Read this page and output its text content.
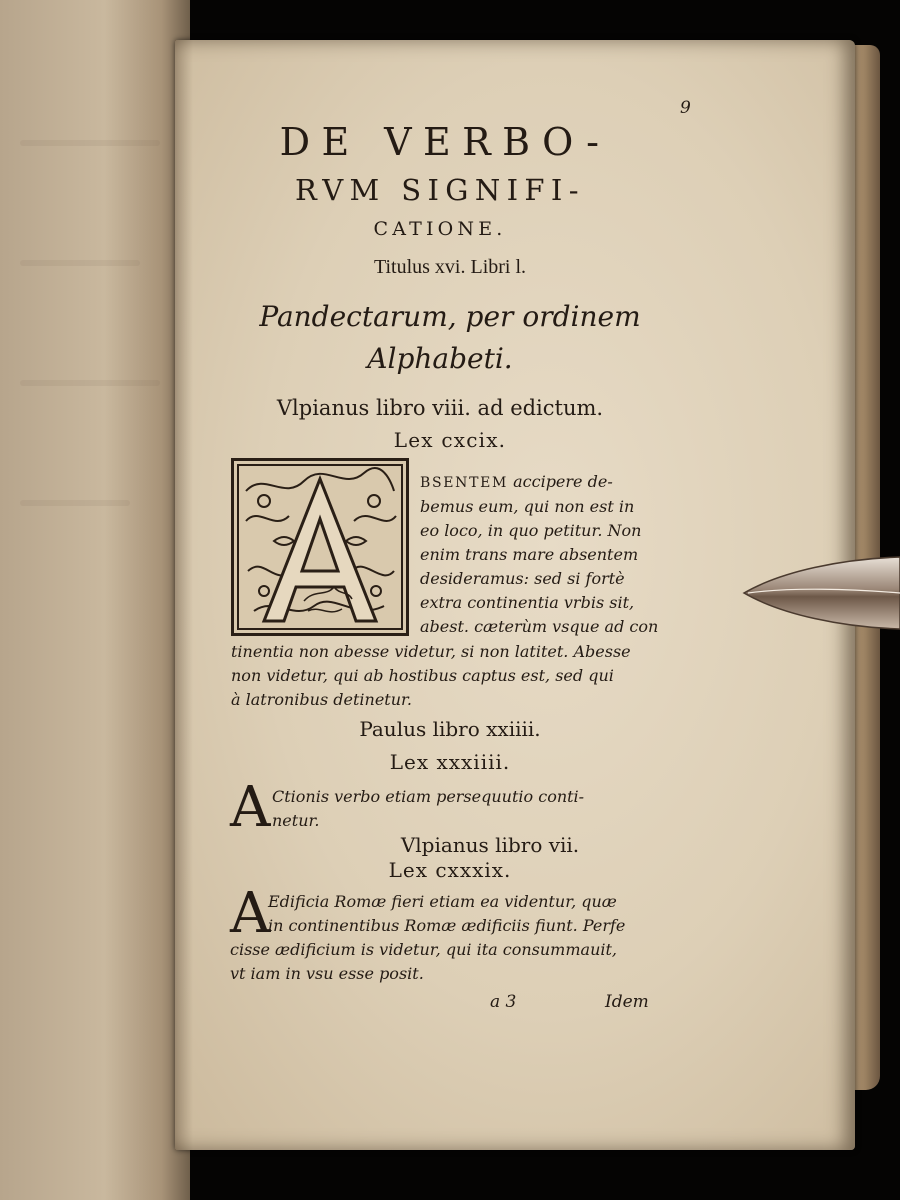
9
DE VERBO-
RVM SIGNIFI-
CATIONE.
Titulus xvi. Libri l.
Pandectarum, per ordinem
Alphabeti.
Vlpianus libro viii. ad edictum.
Lex cxcix.
BSENTEM accipere de-
bemus eum, qui non est in
eo loco, in quo petitur. Non
enim trans mare absentem
desideramus: sed si fortè
extra continentia vrbis sit,
abest. cæterùm vsque ad con
tinentia non abesse videtur, si non latitet. Abesse
non videtur, qui ab hostibus captus est, sed qui
à latronibus detinetur.
Paulus libro xxiiii.
Lex xxxiiii.
A Ctionis verbo etiam persequutio conti-
netur.
Vlpianus libro vii.
Lex cxxxix.
A
Edificia Romæ fieri etiam ea videntur, quæ
in continentibus Romæ ædificiis fiunt. Perfe
cisse ædificium is videtur, qui ita consummauit,
vt iam in vsu esse posit.
a 3	Idem
